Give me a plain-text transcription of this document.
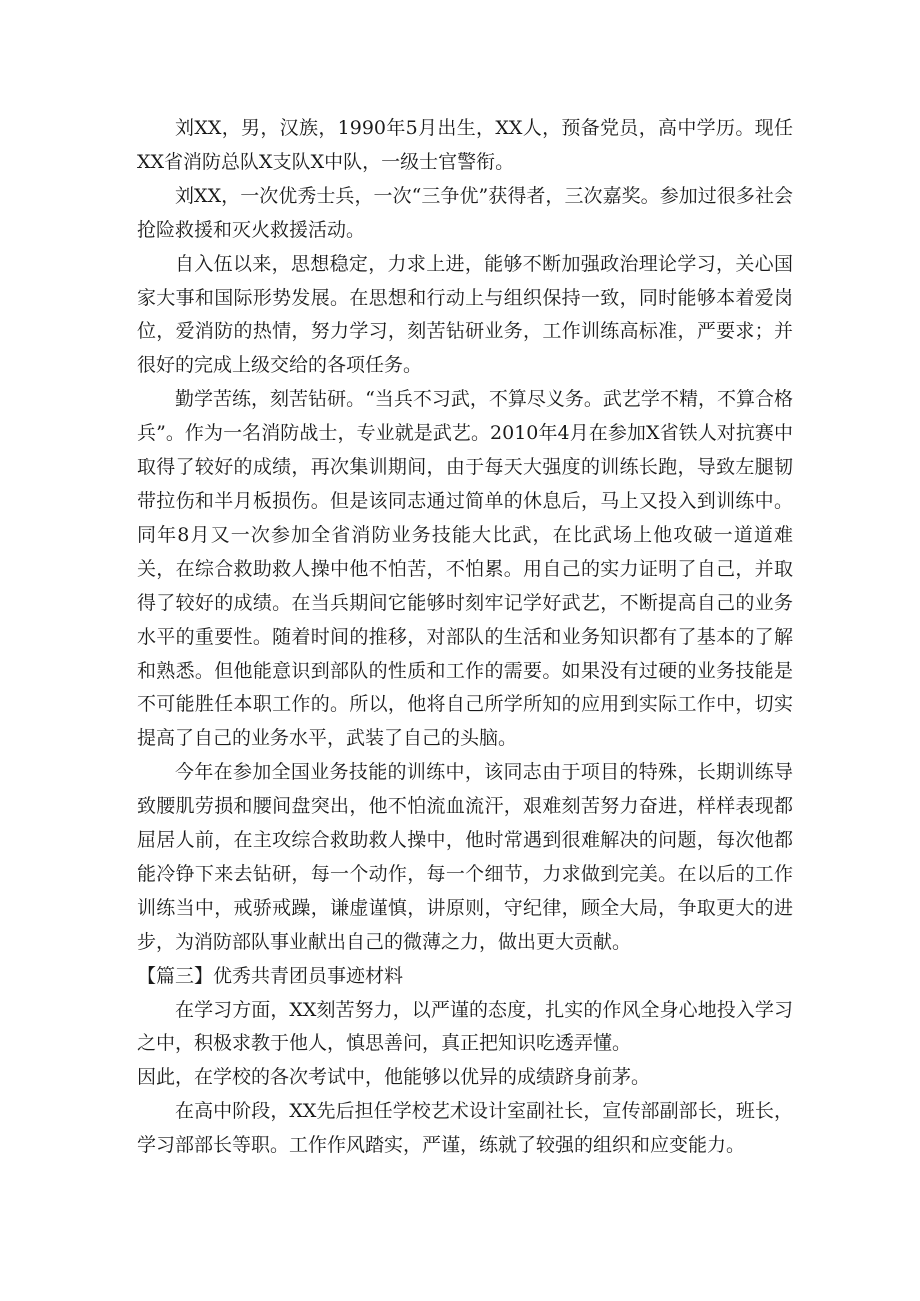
刘XX，男，汉族，1990年5月出生，XX人，预备党员，高中学历。现任XX省消防总队X支队X中队，一级士官警衔。

刘XX，一次优秀士兵，一次“三争优”获得者，三次嘉奖。参加过很多社会抢险救援和灭火救援活动。

自入伍以来，思想稳定，力求上进，能够不断加强政治理论学习，关心国家大事和国际形势发展。在思想和行动上与组织保持一致，同时能够本着爱岗位，爱消防的热情，努力学习，刻苦钻研业务，工作训练高标准，严要求；并很好的完成上级交给的各项任务。

勤学苦练，刻苦钻研。“当兵不习武，不算尽义务。武艺学不精，不算合格兵”。作为一名消防战士，专业就是武艺。2010年4月在参加X省铁人对抗赛中取得了较好的成绩，再次集训期间，由于每天大强度的训练长跑，导致左腿韧带拉伤和半月板损伤。但是该同志通过简单的休息后，马上又投入到训练中。同年8月又一次参加全省消防业务技能大比武，在比武场上他攻破一道道难关，在综合救助救人操中他不怕苦，不怕累。用自己的实力证明了自己，并取得了较好的成绩。在当兵期间它能够时刻牢记学好武艺，不断提高自己的业务水平的重要性。随着时间的推移，对部队的生活和业务知识都有了基本的了解和熟悉。但他能意识到部队的性质和工作的需要。如果没有过硬的业务技能是不可能胜任本职工作的。所以，他将自己所学所知的应用到实际工作中，切实提高了自己的业务水平，武装了自己的头脑。

今年在参加全国业务技能的训练中，该同志由于项目的特殊，长期训练导致腰肌劳损和腰间盘突出，他不怕流血流汗，艰难刻苦努力奋进，样样表现都屈居人前，在主攻综合救助救人操中，他时常遇到很难解决的问题，每次他都能冷铮下来去钻研，每一个动作，每一个细节，力求做到完美。在以后的工作训练当中，戒骄戒躁，谦虚谨慎，讲原则，守纪律，顾全大局，争取更大的进步，为消防部队事业献出自己的微薄之力，做出更大贡献。

【篇三】优秀共青团员事迹材料

在学习方面，XX刻苦努力，以严谨的态度，扎实的作风全身心地投入学习之中，积极求教于他人，慎思善问，真正把知识吃透弄懂。

因此，在学校的各次考试中，他能够以优异的成绩跻身前茅。

在高中阶段，XX先后担任学校艺术设计室副社长，宣传部副部长，班长，学习部部长等职。工作作风踏实，严谨，练就了较强的组织和应变能力。
